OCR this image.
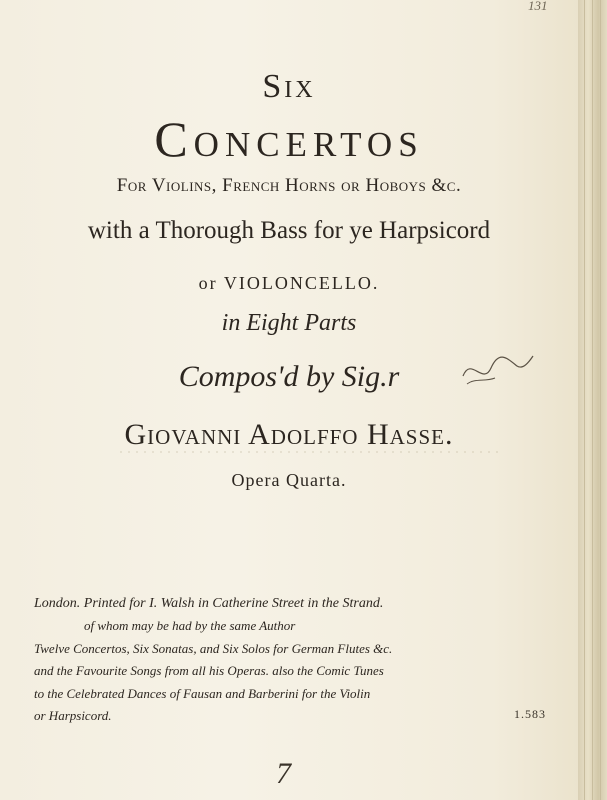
131
Six
Concertos
For Violins, French Horns or Hoboys &c.
with a Thorough Bass for ye Harpsicord
or VIOLONCELLO.
in Eight Parts
Compos'd by Sig.r
Giovanni Adolffo Hasse.
Opera Quarta.
London. Printed for I. Walsh in Catherine Street in the Strand.
of whom may be had by the same Author
Twelve Concertos, Six Sonatas, and Six Solos for German Flutes &c.
and the Favourite Songs from all his Operas. also the Comic Tunes
to the Celebrated Dances of Fausan and Barberini for the Violin
or Harpsicord.	1.583
7
